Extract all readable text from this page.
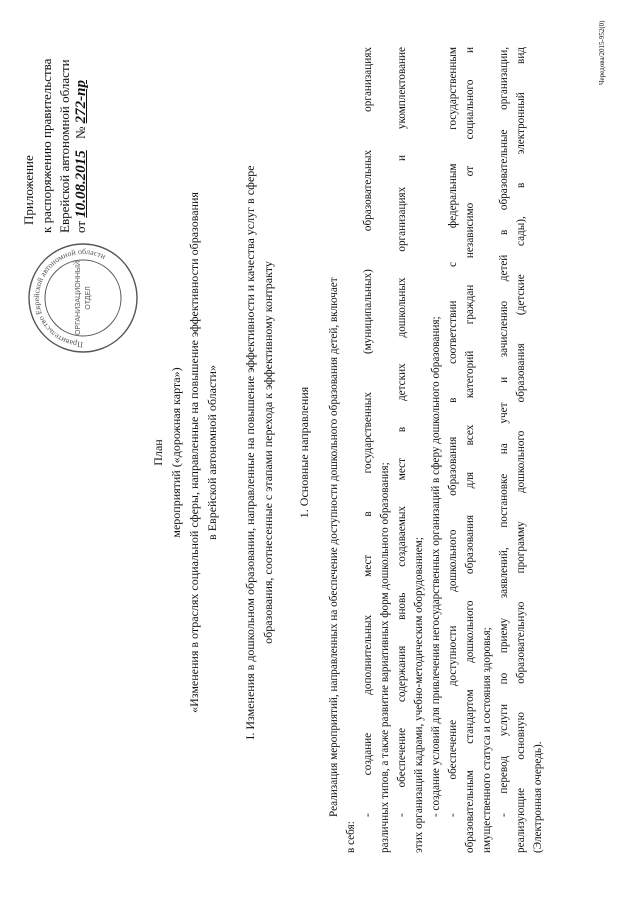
Приложение к распоряжению правительства Еврейской автономной области от 10.08.2015 № 272-пр
Правительство Еврейской автономной области
ОРГАНИЗАЦИОННЫЙ ОТДЕЛ
План мероприятий («дорожная карта») «Изменения в отраслях социальной сферы, направленные на повышение эффективности образования в Еврейской автономной области» I. Изменения в дошкольном образовании, направленные на повышение эффективности и качества услуг в сфере образования, соотнесенные с этапами перехода к эффективному контракту 1. Основные направления Реализация мероприятий, направленных на обеспечение доступности дошкольного образования детей, включает
в себя:
- создание дополнительных мест в государственных (муниципальных) образовательных организациях различных типов, а также развитие вариативных форм дошкольного образования; - обеспечение содержания вновь создаваемых мест в детских дошкольных организациях и укомплектование этих организаций кадрами, учебно-методическим оборудованием; - создание условий для привлечения негосударственных организаций в сферу дошкольного образования; - обеспечение доступности дошкольного образования в соответствии с федеральным государственным образовательным стандартом дошкольного образования для всех категорий граждан независимо от социального и имущественного статуса и состояния здоровья; - перевод услуги по приему заявлений, постановке на учет и зачислению детей в образовательные организации, реализующие основную образовательную программу дошкольного образования (детские сады), в электронный вид (Электронная очередь).
Чередова/2015-952(0)
